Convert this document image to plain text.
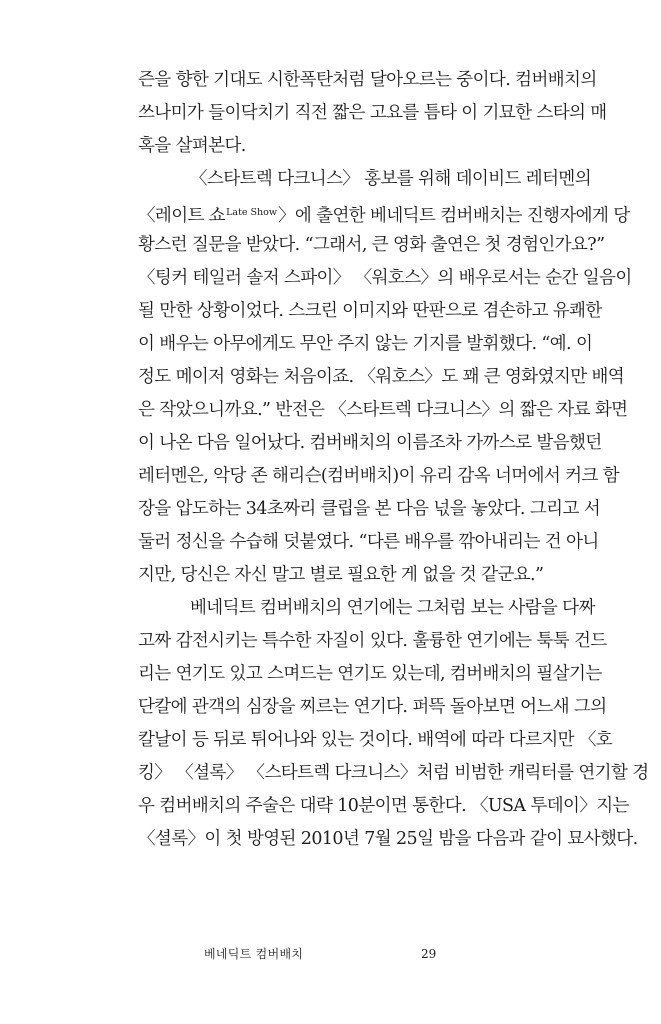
즌을 향한 기대도 시한폭탄처럼 달아오르는 중이다. 컴버배치의
쓰나미가 들이닥치기 직전 짧은 고요를 틈타 이 기묘한 스타의 매
혹을 살펴본다.
〈스타트렉 다크니스〉 홍보를 위해 데이비드 레터멘의
〈레이트 쇼$^{Late Show}$〉에 출연한 베네딕트 컴버배치는 진행자에게 당
황스런 질문을 받았다. “그래서, 큰 영화 출연은 첫 경험인가요?”
〈팅커 테일러 솔저 스파이〉 〈워호스〉의 배우로서는 순간 일음이
될 만한 상황이었다. 스크린 이미지와 딴판으로 겸손하고 유쾌한
이 배우는 아무에게도 무안 주지 않는 기지를 발휘했다. “예. 이
정도 메이저 영화는 처음이죠. 〈워호스〉도 꽤 큰 영화였지만 배역
은 작았으니까요.” 반전은 〈스타트렉 다크니스〉의 짧은 자료 화면
이 나온 다음 일어났다. 컴버배치의 이름조차 가까스로 발음했던
레터멘은, 악당 존 해리슨(컴버배치)이 유리 감옥 너머에서 커크 함
장을 압도하는 34초짜리 클립을 본 다음 넋을 놓았다. 그리고 서
둘러 정신을 수습해 덧붙였다. “다른 배우를 깎아내리는 건 아니
지만, 당신은 자신 말고 별로 필요한 게 없을 것 같군요.”
베네딕트 컴버배치의 연기에는 그처럼 보는 사람을 다짜
고짜 감전시키는 특수한 자질이 있다. 훌륭한 연기에는 툭툭 건드
리는 연기도 있고 스며드는 연기도 있는데, 컴버배치의 필살기는
단칼에 관객의 심장을 찌르는 연기다. 퍼뜩 돌아보면 어느새 그의
칼날이 등 뒤로 튀어나와 있는 것이다. 배역에 따라 다르지만 〈호
킹〉 〈셜록〉 〈스타트렉 다크니스〉처럼 비범한 캐릭터를 연기할 경
우 컴버배치의 주술은 대략 10분이면 통한다. 〈USA 투데이〉지는
〈셜록〉이 첫 방영된 2010년 7월 25일 밤을 다음과 같이 묘사했다.
베네딕트 컴버배치	29
